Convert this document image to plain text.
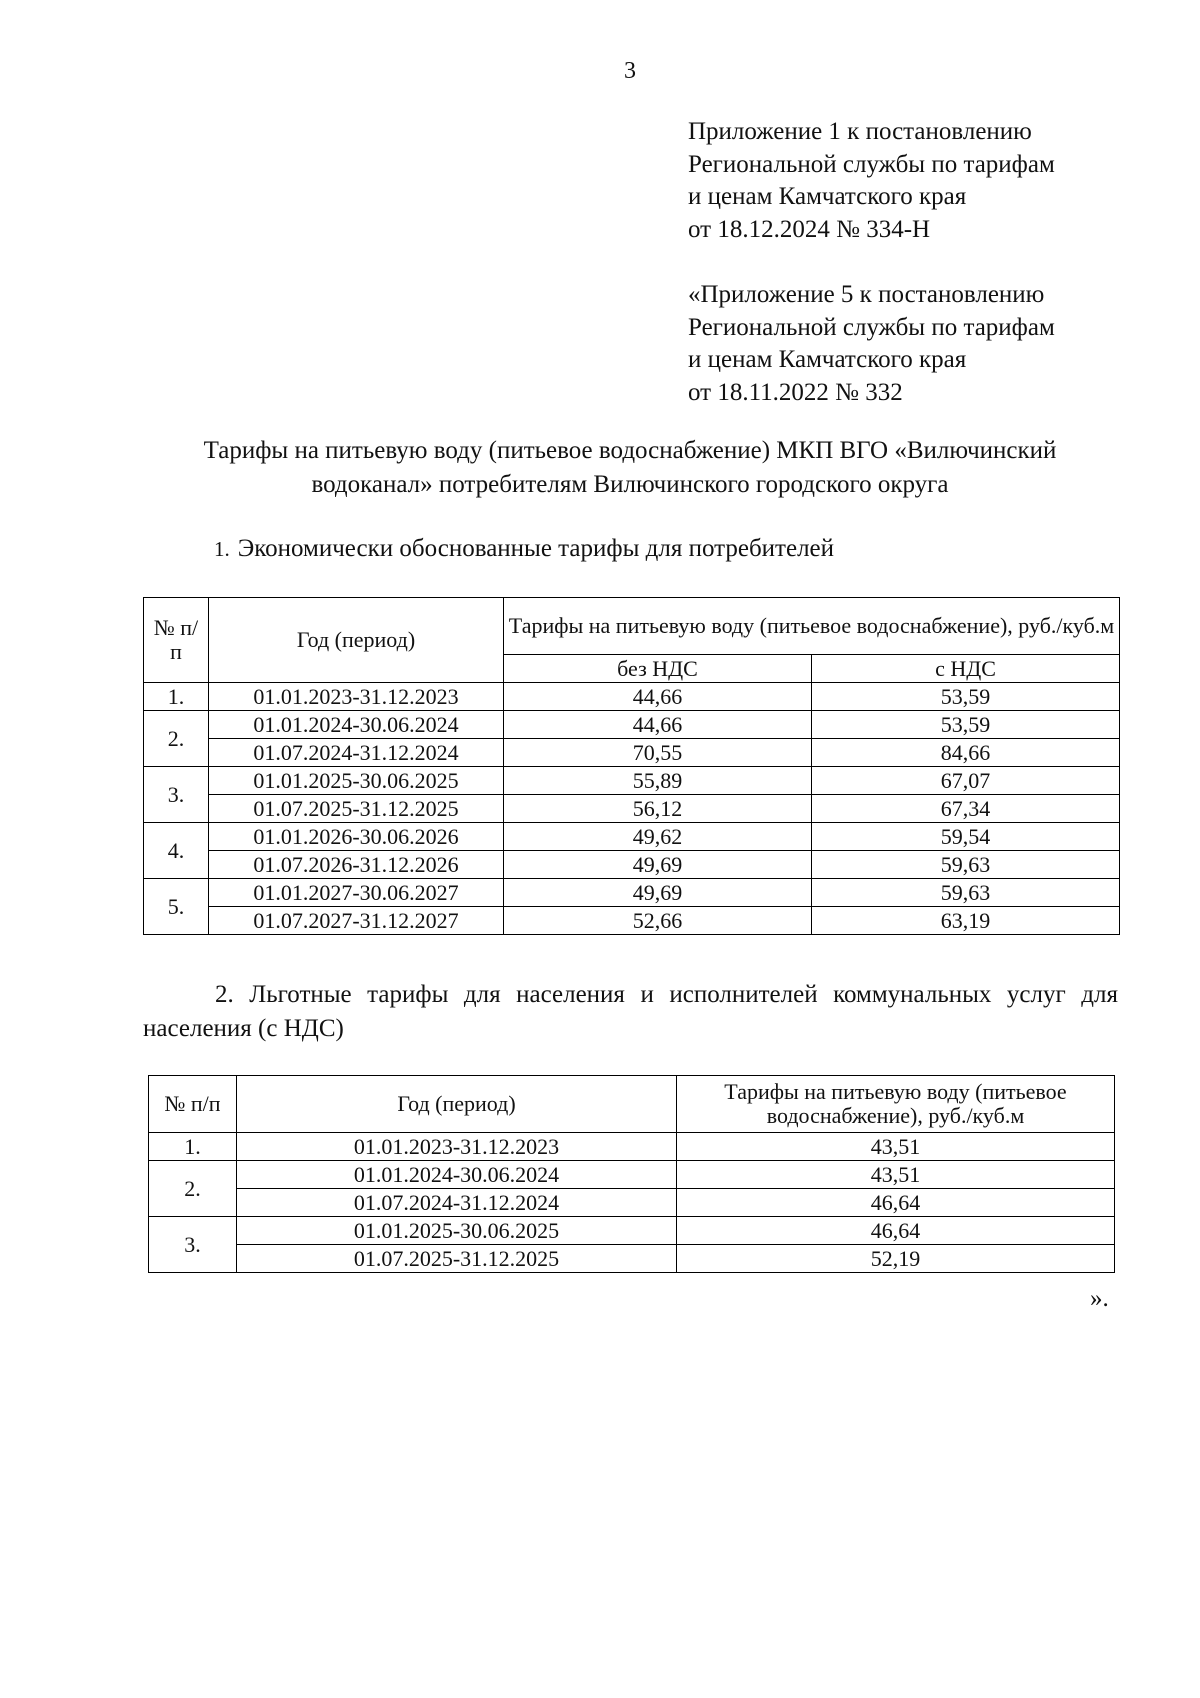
3
Приложение 1 к постановлению
Региональной службы по тарифам
и ценам Камчатского края
от 18.12.2024 № 334-Н
«Приложение 5 к постановлению
Региональной службы по тарифам
и ценам Камчатского края
от 18.11.2022 № 332
Тарифы на питьевую воду (питьевое водоснабжение) МКП ВГО «Вилючинский
водоканал» потребителям Вилючинского городского округа
1. Экономически обоснованные тарифы для потребителей
№ п/п	Год (период)	Тарифы на питьевую воду (питьевое водоснабжение), руб./куб.м	
		без НДС	с НДС
1.	01.01.2023-31.12.2023	44,66	53,59
2.	01.01.2024-30.06.2024	44,66	53,59
	01.07.2024-31.12.2024	70,55	84,66
3.	01.01.2025-30.06.2025	55,89	67,07
	01.07.2025-31.12.2025	56,12	67,34
4.	01.01.2026-30.06.2026	49,62	59,54
	01.07.2026-31.12.2026	49,69	59,63
5.	01.01.2027-30.06.2027	49,69	59,63
	01.07.2027-31.12.2027	52,66	63,19
2. Льготные тарифы для населения и исполнителей коммунальных услуг для населения (с НДС)
№ п/п	Год (период)	Тарифы на питьевую воду (питьевое водоснабжение), руб./куб.м
1.	01.01.2023-31.12.2023	43,51
2.	01.01.2024-30.06.2024	43,51
	01.07.2024-31.12.2024	46,64
3.	01.01.2025-30.06.2025	46,64
	01.07.2025-31.12.2025	52,19
».
